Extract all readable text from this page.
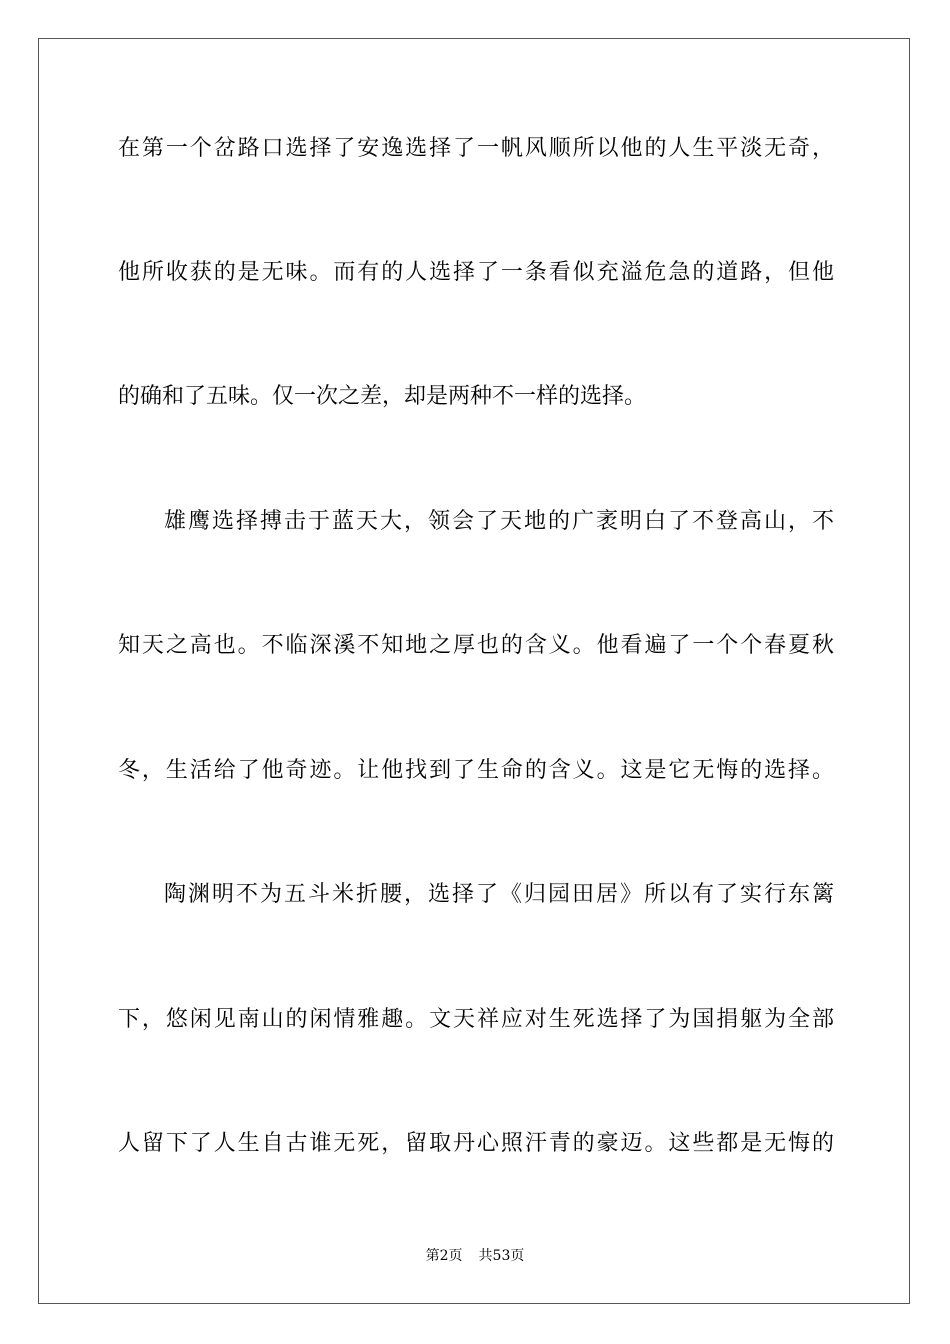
在第一个岔路口选择了安逸选择了一帆风顺所以他的人生平淡无奇，
他所收获的是无味。而有的人选择了一条看似充溢危急的道路，但他
的确和了五味。仅一次之差，却是两种不一样的选择。
雄鹰选择搏击于蓝天大，领会了天地的广袤明白了不登高山，不
知天之高也。不临深溪不知地之厚也的含义。他看遍了一个个春夏秋
冬，生活给了他奇迹。让他找到了生命的含义。这是它无悔的选择。
陶渊明不为五斗米折腰，选择了《归园田居》所以有了实行东篱
下，悠闲见南山的闲情雅趣。文天祥应对生死选择了为国捐躯为全部
人留下了人生自古谁无死，留取丹心照汗青的豪迈。这些都是无悔的
第2页 共53页
